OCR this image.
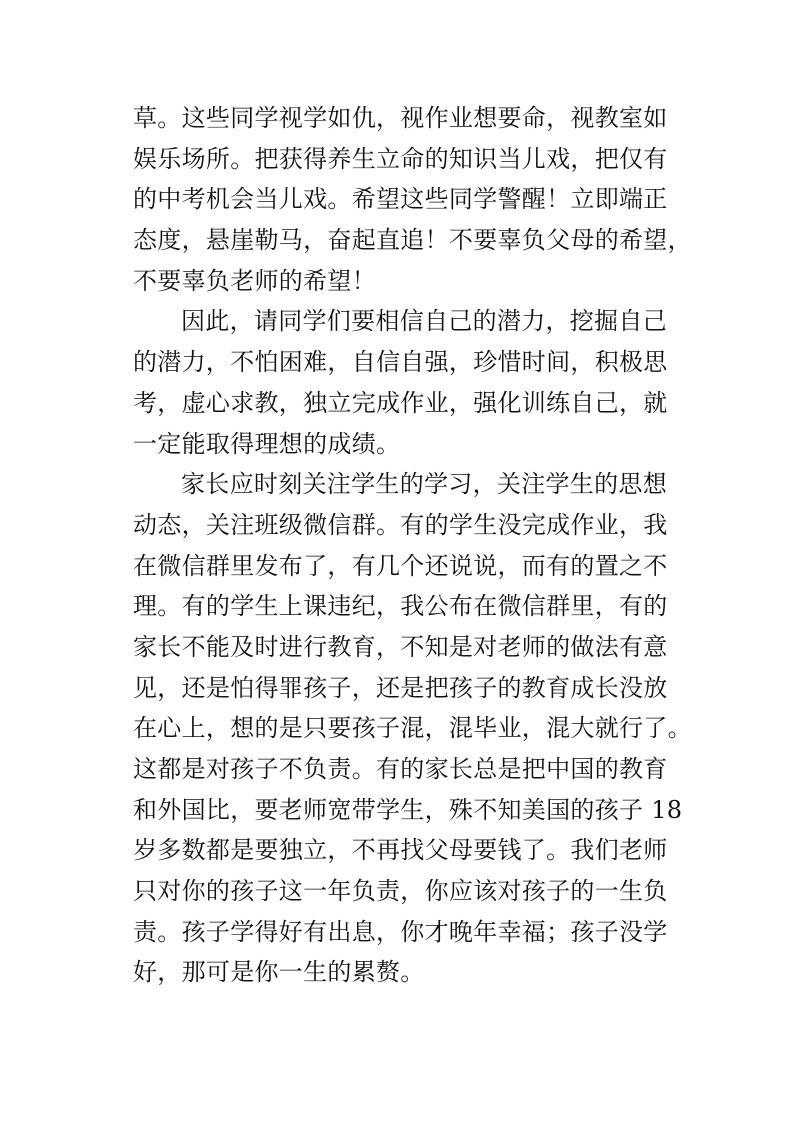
草。这些同学视学如仇，视作业想要命，视教室如
娱乐场所。把获得养生立命的知识当儿戏，把仅有
的中考机会当儿戏。希望这些同学警醒！立即端正
态度，悬崖勒马，奋起直追！不要辜负父母的希望，
不要辜负老师的希望！
因此，请同学们要相信自己的潜力，挖掘自己
的潜力，不怕困难，自信自强，珍惜时间，积极思
考，虚心求教，独立完成作业，强化训练自己，就
一定能取得理想的成绩。
家长应时刻关注学生的学习，关注学生的思想
动态，关注班级微信群。有的学生没完成作业，我
在微信群里发布了，有几个还说说，而有的置之不
理。有的学生上课违纪，我公布在微信群里，有的
家长不能及时进行教育，不知是对老师的做法有意
见，还是怕得罪孩子，还是把孩子的教育成长没放
在心上，想的是只要孩子混，混毕业，混大就行了。
这都是对孩子不负责。有的家长总是把中国的教育
和外国比，要老师宽带学生，殊不知美国的孩子 18
岁多数都是要独立，不再找父母要钱了。我们老师
只对你的孩子这一年负责，你应该对孩子的一生负
责。孩子学得好有出息，你才晚年幸福；孩子没学
好，那可是你一生的累赘。
